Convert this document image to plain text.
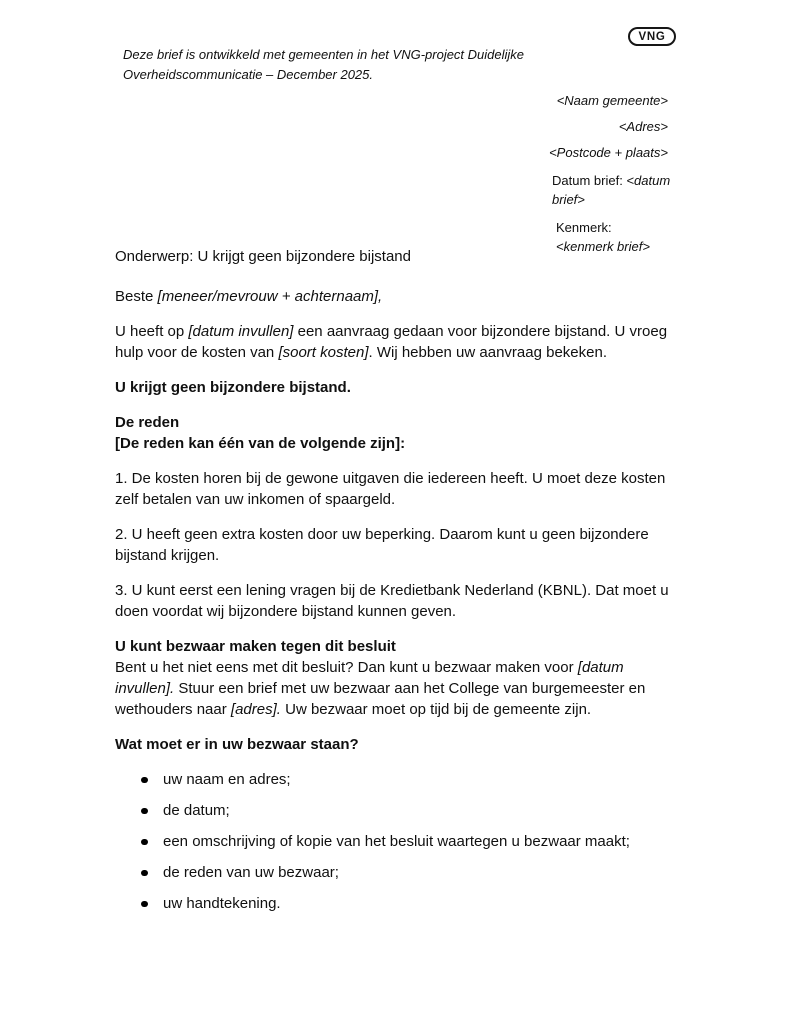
VNG
Deze brief is ontwikkeld met gemeenten in het VNG-project Duidelijke Overheidscommunicatie – December 2025.
<Naam gemeente>
<Adres>
<Postcode + plaats>
Datum brief: <datum brief>
Kenmerk: <kenmerk brief>

Onderwerp: U krijgt geen bijzondere bijstand

Beste [meneer/mevrouw + achternaam],

U heeft op [datum invullen] een aanvraag gedaan voor bijzondere bijstand. U vroeg hulp voor de kosten van [soort kosten]. Wij hebben uw aanvraag bekeken.

U krijgt geen bijzondere bijstand.

De reden

[De reden kan één van de volgende zijn]:

1. De kosten horen bij de gewone uitgaven die iedereen heeft. U moet deze kosten zelf betalen van uw inkomen of spaargeld.

2. U heeft geen extra kosten door uw beperking. Daarom kunt u geen bijzondere bijstand krijgen.

3. U kunt eerst een lening vragen bij de Kredietbank Nederland (KBNL). Dat moet u doen voordat wij bijzondere bijstand kunnen geven.

U kunt bezwaar maken tegen dit besluit

Bent u het niet eens met dit besluit? Dan kunt u bezwaar maken voor [datum invullen]. Stuur een brief met uw bezwaar aan het College van burgemeester en wethouders naar [adres]. Uw bezwaar moet op tijd bij de gemeente zijn.

Wat moet er in uw bezwaar staan?

uw naam en adres;
de datum;
een omschrijving of kopie van het besluit waartegen u bezwaar maakt;
de reden van uw bezwaar;
uw handtekening.
